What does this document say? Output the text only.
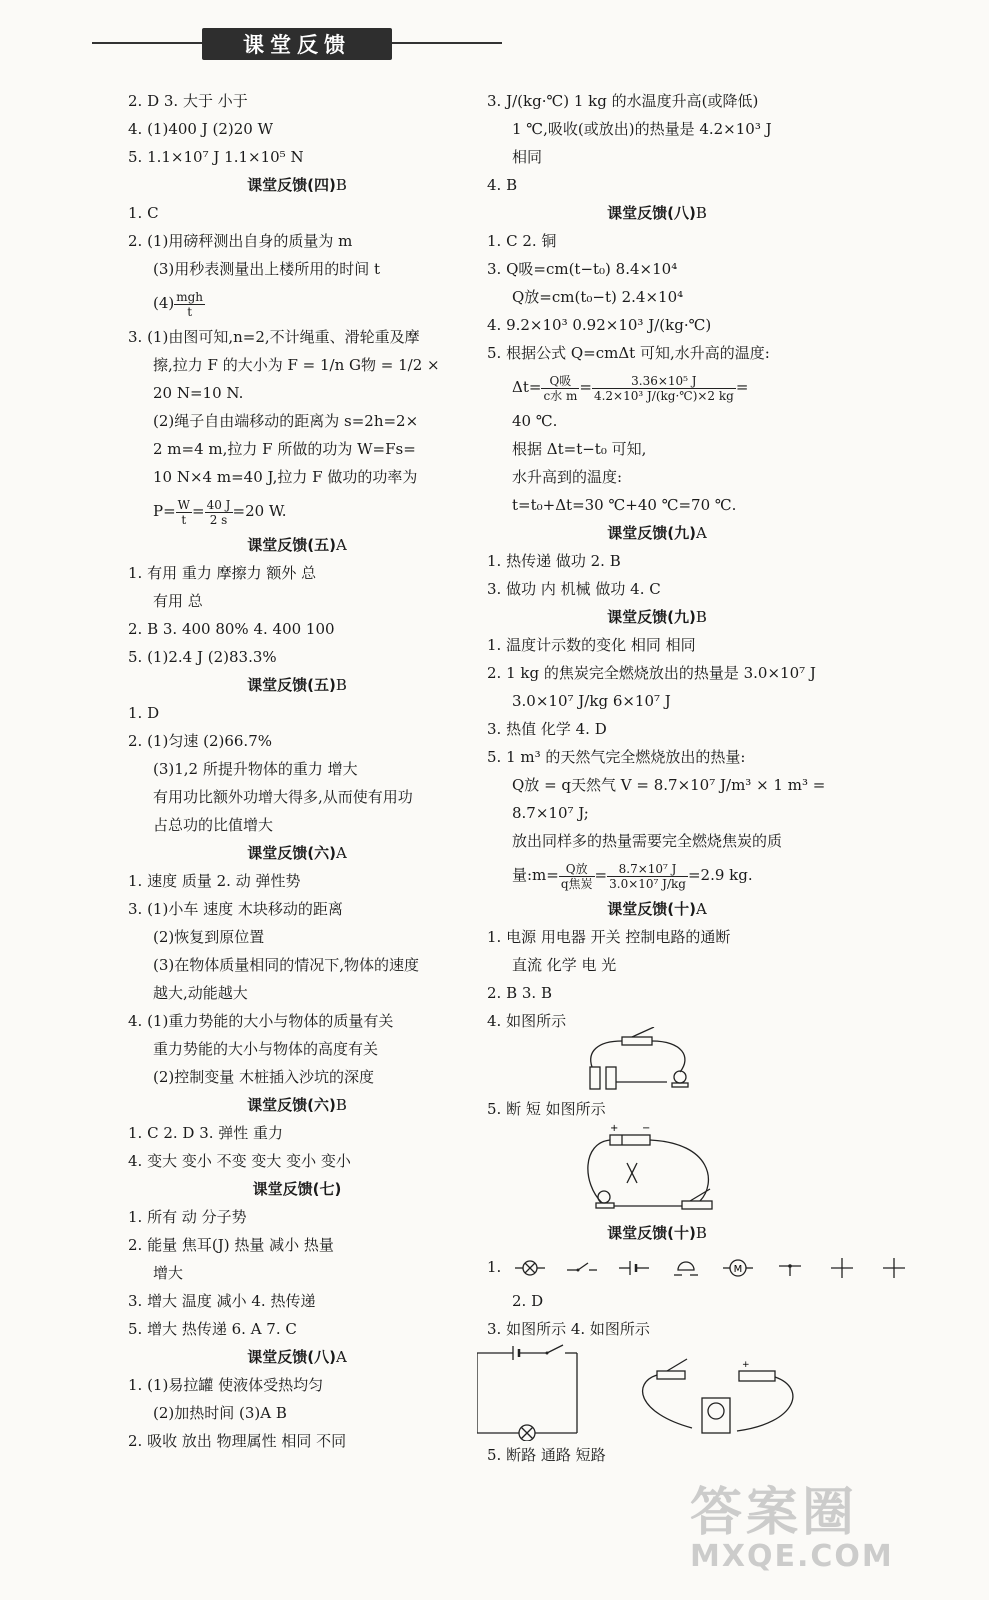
课堂反馈
2. D 3. 大于 小于
4. (1)400 J (2)20 W
5. 1.1×10⁷ J 1.1×10⁵ N
课堂反馈(四)B
1. C
2. (1)用磅秤测出自身的质量为 m
(3)用秒表测量出上楼所用的时间 t
$(4) \frac{\text{mgh}}{t}$
3. (1)由图可知,n=2,不计绳重、滑轮重及摩
擦,拉力 F 的大小为 F = 1/n G物 = 1/2 ×
20 N=10 N.
(2)绳子自由端移动的距离为 s=2h=2×
2 m=4 m,拉力 F 所做的功为 W=Fs=
10 N×4 m=40 J,拉力 F 做功的功率为
$P= \frac{W}{t} = \frac{40 J}{2 s} =20$ W.
课堂反馈(五)A
1. 有用 重力 摩擦力 额外 总
有用 总
2. B 3. 400 80% 4. 400 100
5. (1)2.4 J (2)83.3%
课堂反馈(五)B
1. D
2. (1)匀速 (2)66.7%
(3)1,2 所提升物体的重力 增大
有用功比额外功增大得多,从而使有用功
占总功的比值增大
课堂反馈(六)A
1. 速度 质量 2. 动 弹性势
3. (1)小车 速度 木块移动的距离
(2)恢复到原位置
(3)在物体质量相同的情况下,物体的速度
越大,动能越大
4. (1)重力势能的大小与物体的质量有关
重力势能的大小与物体的高度有关
(2)控制变量 木桩插入沙坑的深度
课堂反馈(六)B
1. C 2. D 3. 弹性 重力
4. 变大 变小 不变 变大 变小 变小
课堂反馈(七)
1. 所有 动 分子势
2. 能量 焦耳(J) 热量 减小 热量
增大
3. 增大 温度 减小 4. 热传递
5. 增大 热传递 6. A 7. C
课堂反馈(八)A
1. (1)易拉罐 使液体受热均匀
(2)加热时间 (3)A B
2. 吸收 放出 物理属性 相同 不同
3. J/(kg·℃) 1 kg 的水温度升高(或降低)
1 ℃,吸收(或放出)的热量是 4.2×10³ J
相同
4. B
课堂反馈(八)B
1. C 2. 铜
3. Q吸=cm(t−t₀) 8.4×10⁴
Q放=cm(t₀−t) 2.4×10⁴
4. 9.2×10³ 0.92×10³ J/(kg·℃)
5. 根据公式 Q=cmΔt 可知,水升高的温度:
$\Delta t= \frac{\text{Q吸}}{\text{c水 m}} = \frac{\text{3.36×10⁵ J}}{\text{4.2×10³ J/(kg·℃)×2 kg}}$ =
40 ℃.
根据 Δt=t−t₀ 可知,
水升高到的温度:
t=t₀+Δt=30 ℃+40 ℃=70 ℃.
课堂反馈(九)A
1. 热传递 做功 2. B
3. 做功 内 机械 做功 4. C
课堂反馈(九)B
1. 温度计示数的变化 相同 相同
2. 1 kg 的焦炭完全燃烧放出的热量是 3.0×10⁷ J
3.0×10⁷ J/kg 6×10⁷ J
3. 热值 化学 4. D
5. 1 m³ 的天然气完全燃烧放出的热量:
Q放 = q天然气 V = 8.7×10⁷ J/m³ × 1 m³ =
8.7×10⁷ J;
放出同样多的热量需要完全燃烧焦炭的质
量:m= $\frac{\text{Q放}}{\text{q焦炭}} = \frac{\text{8.7×10⁷ J}}{\text{3.0×10⁷ J/kg}} =2.9$ kg.
课堂反馈(十)A
1. 电源 用电器 开关 控制电路的通断
直流 化学 电 光
2. B 3. B
4. 如图所示
5. 断 短 如图所示
+ −
课堂反馈(十)B
1.	M
2. D
3. 如图所示 4. 如图所示
+
5. 断路 通路 短路
答案圈
MXQE.COM
